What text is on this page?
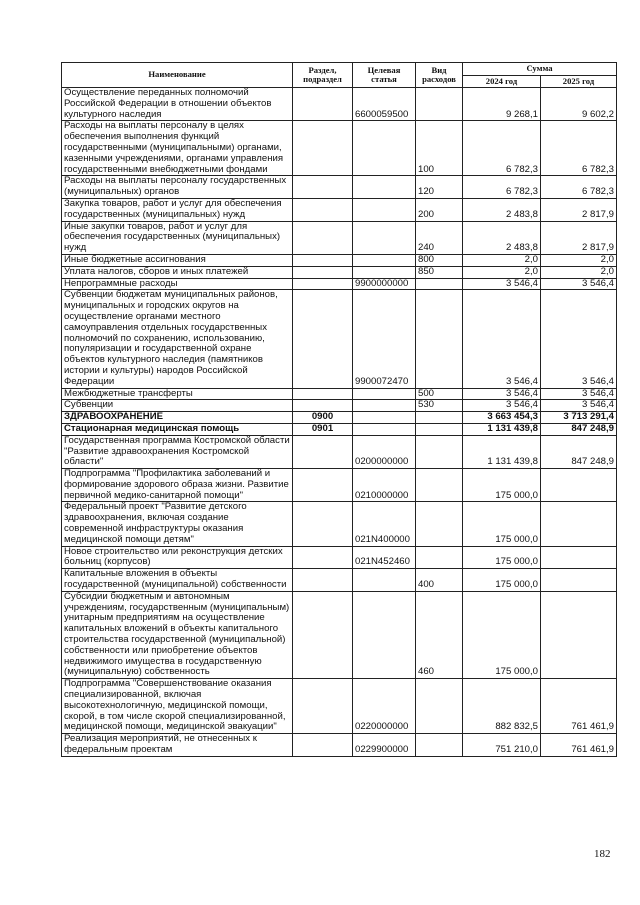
Наименование	Раздел, подраздел	Целевая статья	Вид расходов	Сумма	
				2024 год	2025 год
Осуществление переданных полномочий Российской Федерации в отношении объектов культурного наследия		6600059500		9 268,1	9 602,2
Расходы на выплаты персоналу в целях обеспечения выполнения функций государственными (муниципальными) органами, казенными учреждениями, органами управления государственными внебюджетными фондами			100	6 782,3	6 782,3
Расходы на выплаты персоналу государственных (муниципальных) органов			120	6 782,3	6 782,3
Закупка товаров, работ и услуг для обеспечения государственных (муниципальных) нужд			200	2 483,8	2 817,9
Иные закупки товаров, работ и услуг для обеспечения государственных (муниципальных) нужд			240	2 483,8	2 817,9
Иные бюджетные ассигнования			800	2,0	2,0
Уплата налогов, сборов и иных платежей			850	2,0	2,0
Непрограммные расходы		9900000000		3 546,4	3 546,4
Субвенции бюджетам муниципальных районов, муниципальных и городских округов на осуществление органами местного самоуправления отдельных государственных полномочий по сохранению, использованию, популяризации и государственной охране объектов культурного наследия (памятников истории и культуры) народов Российской Федерации		9900072470		3 546,4	3 546,4
Межбюджетные трансферты			500	3 546,4	3 546,4
Субвенции			530	3 546,4	3 546,4
ЗДРАВООХРАНЕНИЕ	0900			3 663 454,3	3 713 291,4
Стационарная медицинская помощь	0901			1 131 439,8	847 248,9
Государственная программа Костромской области "Развитие здравоохранения Костромской области"		0200000000		1 131 439,8	847 248,9
Подпрограмма "Профилактика заболеваний и формирование здорового образа жизни. Развитие первичной медико-санитарной помощи"		0210000000		175 000,0	
Федеральный проект "Развитие детского здравоохранения, включая создание современной инфраструктуры оказания медицинской помощи детям"		021N400000		175 000,0	
Новое строительство или реконструкция детских больниц (корпусов)		021N452460		175 000,0	
Капитальные вложения в объекты государственной (муниципальной) собственности			400	175 000,0	
Субсидии бюджетным и автономным учреждениям, государственным (муниципальным) унитарным предприятиям на осуществление капитальных вложений в объекты капитального строительства государственной (муниципальной) собственности или приобретение объектов недвижимого имущества в государственную (муниципальную) собственность			460	175 000,0	
Подпрограмма "Совершенствование оказания специализированной, включая высокотехнологичную, медицинской помощи, скорой, в том числе скорой специализированной, медицинской помощи, медицинской эвакуации"		0220000000		882 832,5	761 461,9
Реализация мероприятий, не отнесенных к федеральным проектам		0229900000		751 210,0	761 461,9
182
